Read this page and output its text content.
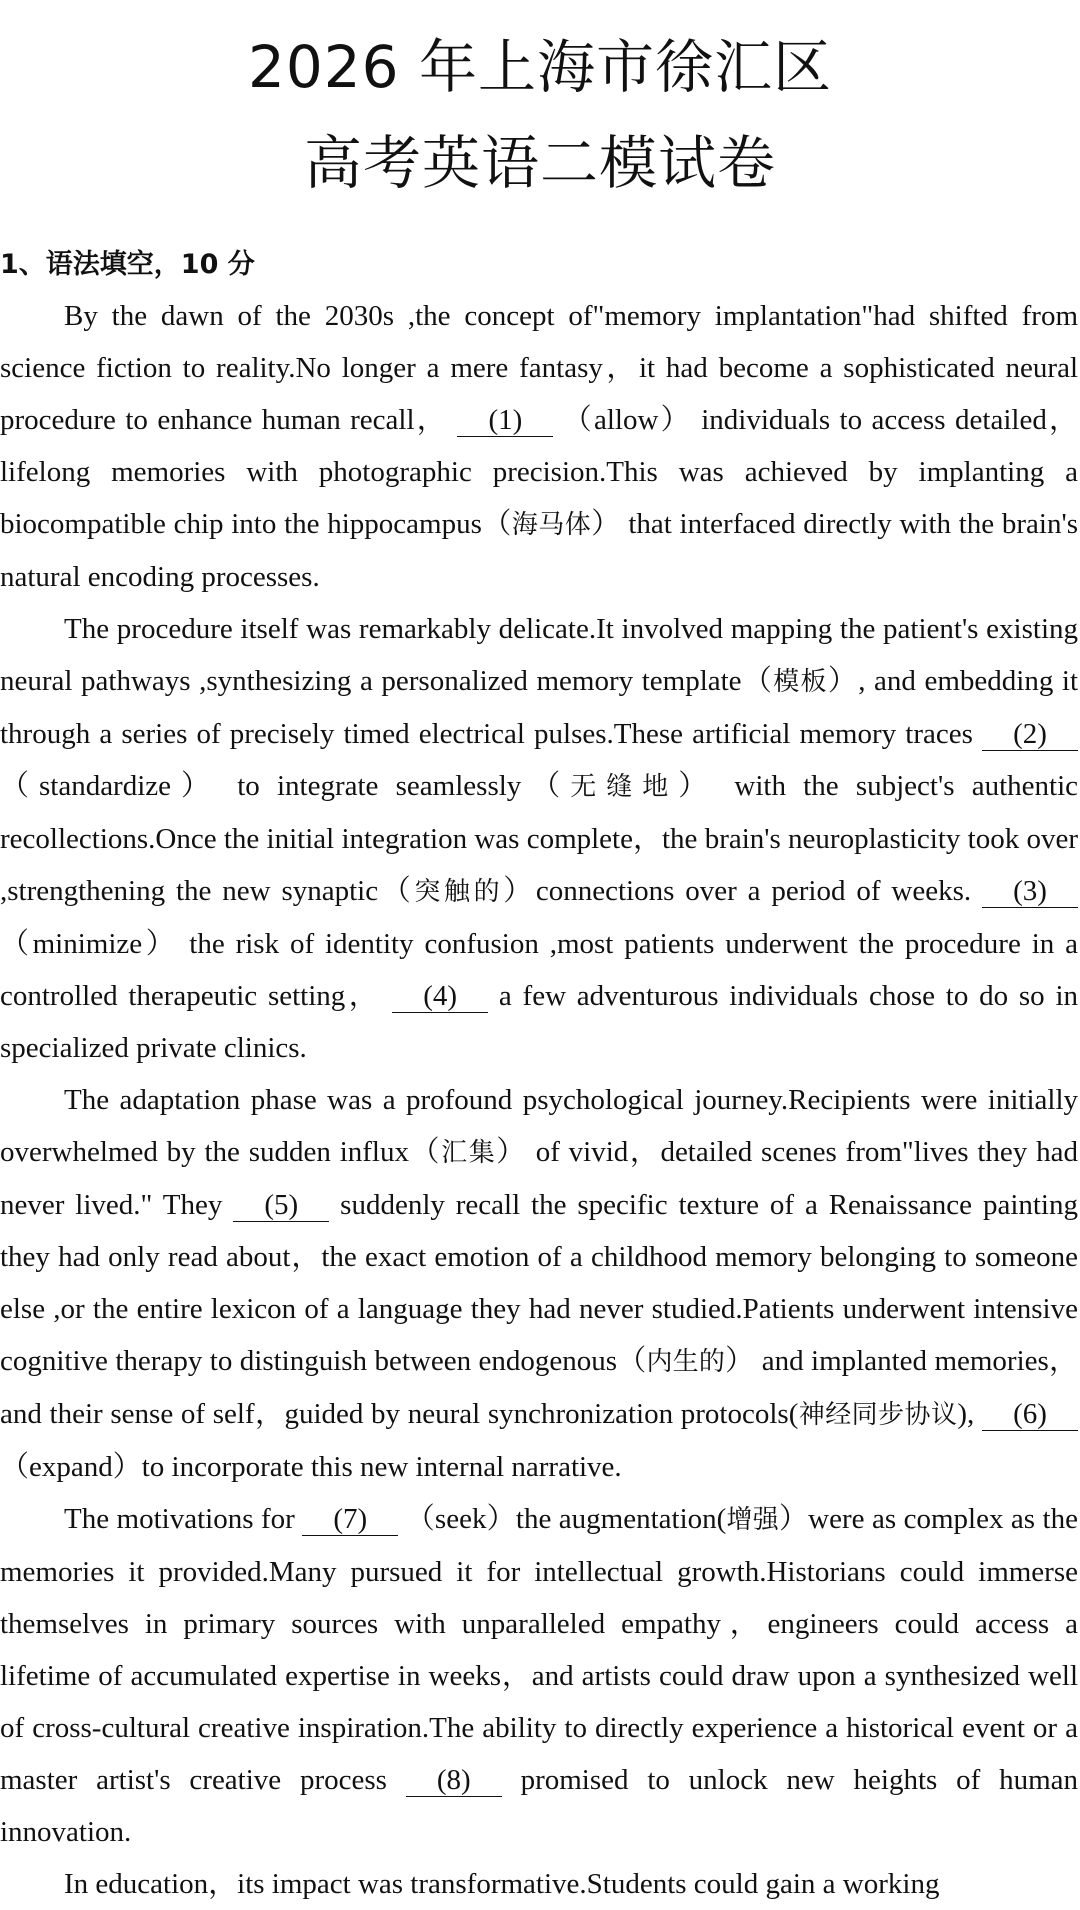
2026 年上海市徐汇区
高考英语二模试卷
1、语法填空，10 分

By the dawn of the 2030s ,the concept of"memory implantation"had shifted from science fiction to reality.No longer a mere fantasy，it had become a sophisticated neural procedure to enhance human recall， (1) （allow） individuals to access detailed，lifelong memories with photographic precision.This was achieved by implanting a biocompatible chip into the hippocampus（海马体） that interfaced directly with the brain's natural encoding processes.

The procedure itself was remarkably delicate.It involved mapping the patient's existing neural pathways ,synthesizing a personalized memory template（模板）, and embedding it through a series of precisely timed electrical pulses.These artificial memory traces (2) （standardize） to integrate seamlessly（无缝地） with the subject's authentic recollections.Once the initial integration was complete，the brain's neuroplasticity took over ,strengthening the new synaptic（突触的）connections over a period of weeks. (3) （minimize） the risk of identity confusion ,most patients underwent the procedure in a controlled therapeutic setting， (4) a few adventurous individuals chose to do so in specialized private clinics.

The adaptation phase was a profound psychological journey.Recipients were initially overwhelmed by the sudden influx（汇集） of vivid，detailed scenes from"lives they had never lived." They (5) suddenly recall the specific texture of a Renaissance painting they had only read about，the exact emotion of a childhood memory belonging to someone else ,or the entire lexicon of a language they had never studied.Patients underwent intensive cognitive therapy to distinguish between endogenous（内生的） and implanted memories，and their sense of self，guided by neural synchronization protocols(神经同步协议), (6) （expand）to incorporate this new internal narrative.

The motivations for (7) （seek）the augmentation(增强）were as complex as the memories it provided.Many pursued it for intellectual growth.Historians could immerse themselves in primary sources with unparalleled empathy，engineers could access a lifetime of accumulated expertise in weeks，and artists could draw upon a synthesized well of cross-cultural creative inspiration.The ability to directly experience a historical event or a master artist's creative process (8) promised to unlock new heights of human innovation.

In education，its impact was transformative.Students could gain a working
